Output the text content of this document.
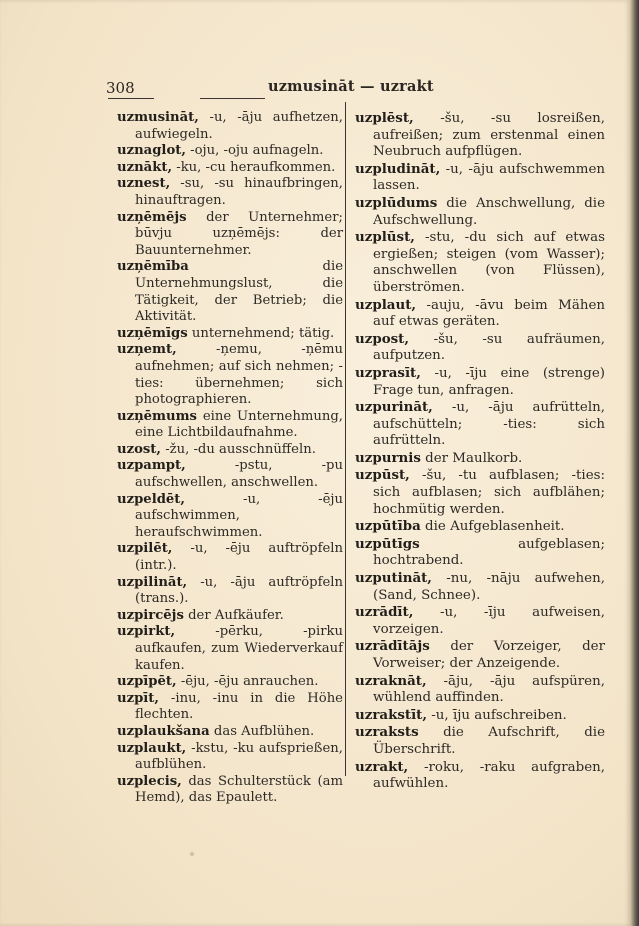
308	uzmusināt — uzrakt

uzmusināt, -u, -āju aufhetzen, aufwiegeln.

uznaglot, -oju, -oju aufnageln.

uznākt, -ku, -cu heraufkommen.

uznest, -su, -su hinaufbringen, hinauftragen.

uzņēmējs der Unternehmer; būvju uzņēmējs: der Bauunternehmer.

uzņēmība	die Unternehmungslust, die Tätigkeit, der Betrieb; die Aktivität.

uzņēmīgs unternehmend; tätig.

uzņemt,	-ņemu, -ņēmu aufnehmen; auf sich nehmen; -ties: übernehmen; sich photographieren.

uzņēmums eine Unternehmung, eine Lichtbildaufnahme.

uzost, -žu, -du ausschnüffeln.

uzpampt,	-pstu, -pu aufschwellen, anschwellen.

uzpeldēt,	-u, -ēju aufschwimmen, heraufschwimmen.

uzpilēt, -u, -ēju auftröpfeln (intr.).

uzpilināt, -u, -āju auftröpfeln (trans.).

uzpircējs der Aufkäufer.

uzpirkt,	-pērku, -pirku aufkaufen, zum Wiederverkauf kaufen.

uzpīpēt, -ēju, -ēju anrauchen.

uzpīt, -inu, -inu in die Höhe flechten.

uzplaukšana das Aufblühen.

uzplaukt, -kstu, -ku aufsprießen, aufblühen.

uzplecis, das Schulterstück (am Hemd), das Epaulett.

uzplēst, -šu, -su losreißen, aufreißen; zum erstenmal einen Neubruch aufpflügen.

uzpludināt, -u, -āju aufschwemmen lassen.

uzplūdums die Anschwellung, die Aufschwellung.

uzplūst, -stu, -du sich auf etwas ergießen; steigen (vom Wasser); anschwellen (von Flüssen), überströmen.

uzplaut, -auju, -āvu beim Mähen auf etwas geräten.

uzpost, -šu, -su aufräumen, aufputzen.

uzprasīt, -u, -īju eine (strenge) Frage tun, anfragen.

uzpurināt, -u, -āju aufrütteln, aufschütteln; -ties: sich aufrütteln.

uzpurnis der Maulkorb.

uzpūst, -šu, -tu aufblasen; -ties: sich aufblasen; sich aufblähen; hochmütig werden.

uzpūtība die Aufgeblasenheit.

uzpūtīgs	aufgeblasen; hochtrabend.

uzputināt, -nu, -nāju aufwehen, (Sand, Schnee).

uzrādīt, -u, -īju aufweisen, vorzeigen.

uzrādītājs der Vorzeiger, der Vorweiser; der Anzeigende.

uzraknāt, -āju, -āju aufspüren, wühlend auffinden.

uzrakstīt, -u, īju aufschreiben.

uzraksts die Aufschrift, die Überschrift.

uzrakt, -roku, -raku aufgraben, aufwühlen.
